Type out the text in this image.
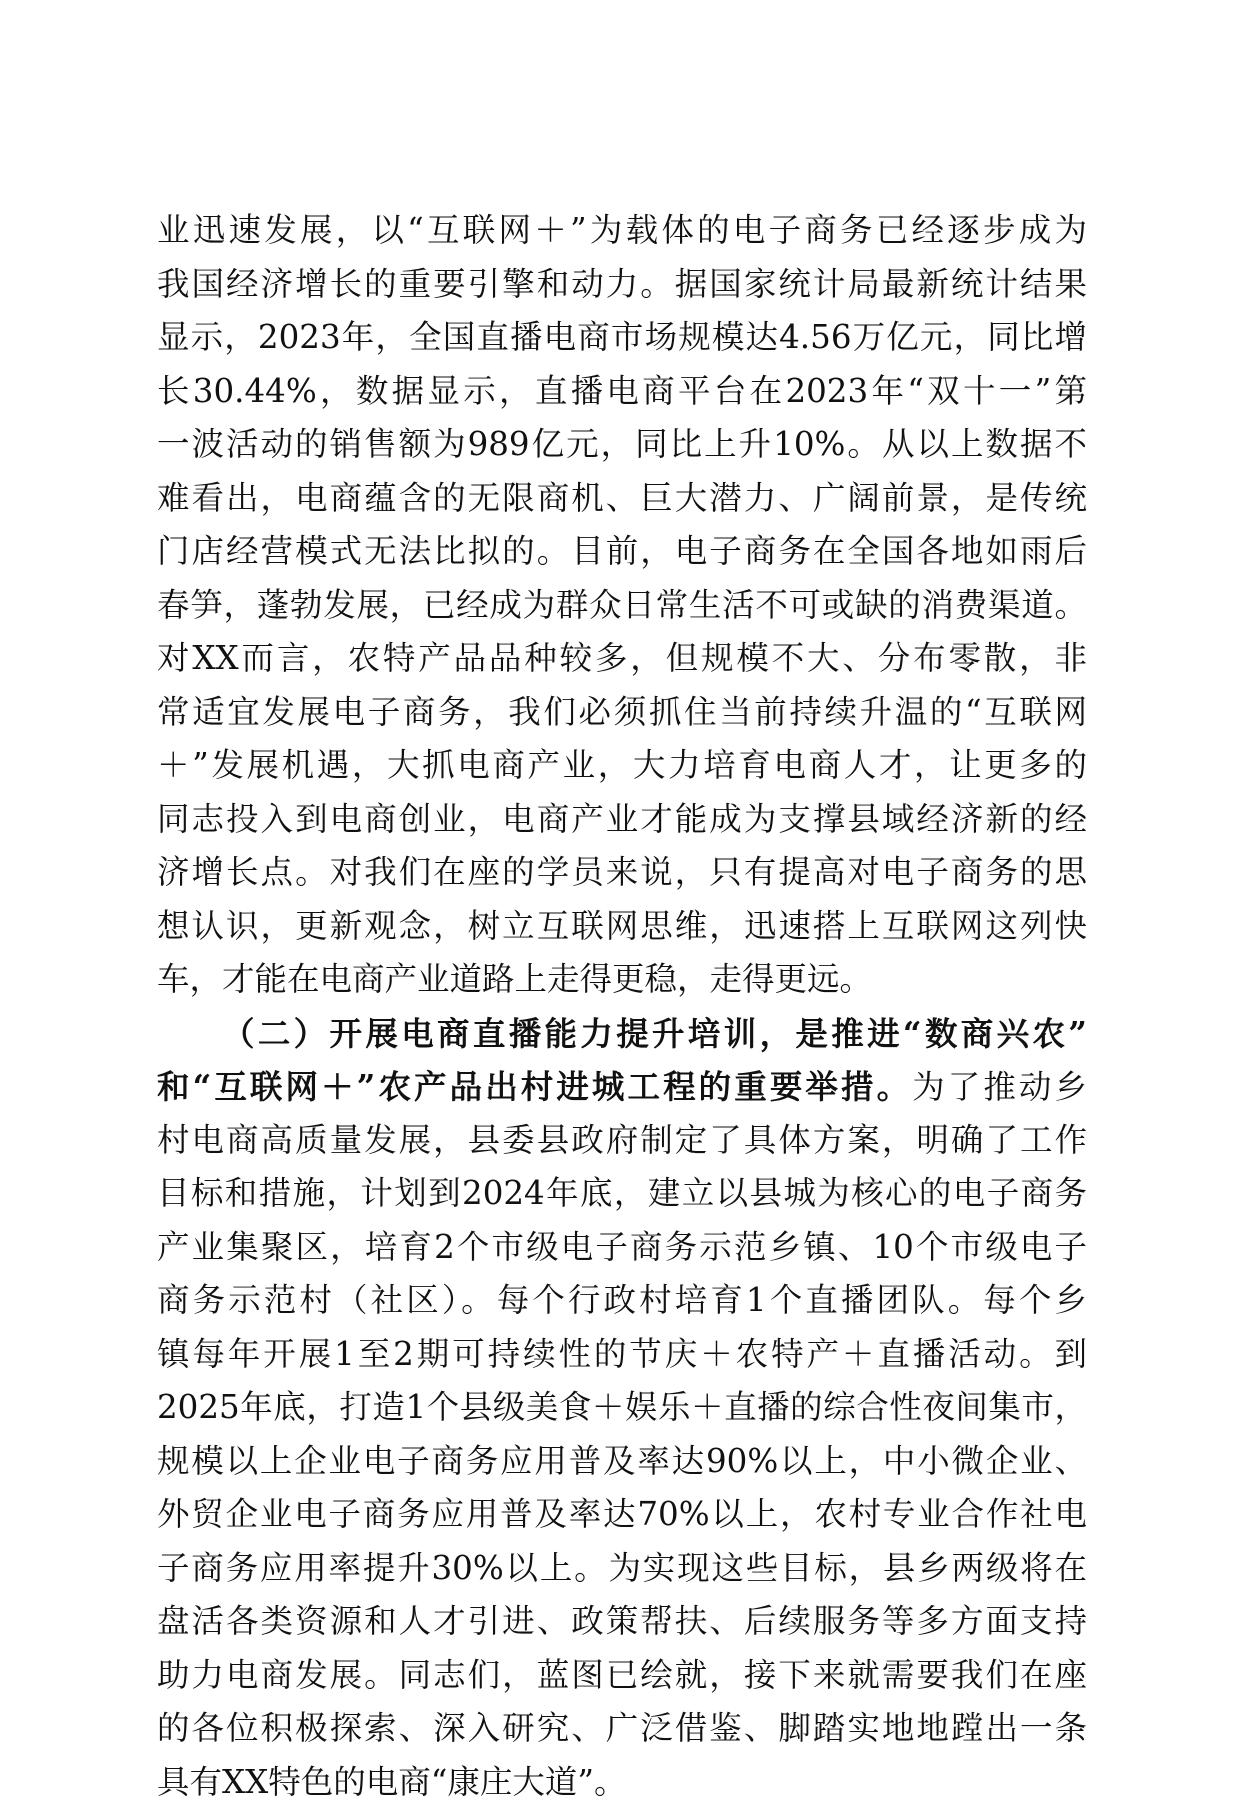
业迅速发展，以“互联网＋”为载体的电子商务已经逐步成为
我国经济增长的重要引擎和动力。据国家统计局最新统计结果
显示，2023年，全国直播电商市场规模达4.56万亿元，同比增
长30.44%，数据显示，直播电商平台在2023年“双十一”第
一波活动的销售额为989亿元，同比上升10%。从以上数据不
难看出，电商蕴含的无限商机、巨大潜力、广阔前景，是传统
门店经营模式无法比拟的。目前，电子商务在全国各地如雨后
春笋，蓬勃发展，已经成为群众日常生活不可或缺的消费渠道。
对XX而言，农特产品品种较多，但规模不大、分布零散，非
常适宜发展电子商务，我们必须抓住当前持续升温的“互联网
＋”发展机遇，大抓电商产业，大力培育电商人才，让更多的
同志投入到电商创业，电商产业才能成为支撑县域经济新的经
济增长点。对我们在座的学员来说，只有提高对电子商务的思
想认识，更新观念，树立互联网思维，迅速搭上互联网这列快
车，才能在电商产业道路上走得更稳，走得更远。
（二）开展电商直播能力提升培训，是推进“数商兴农”
和“互联网＋”农产品出村进城工程的重要举措。为了推动乡
村电商高质量发展，县委县政府制定了具体方案，明确了工作
目标和措施，计划到2024年底，建立以县城为核心的电子商务
产业集聚区，培育2个市级电子商务示范乡镇、10个市级电子
商务示范村（社区）。每个行政村培育1个直播团队。每个乡
镇每年开展1至2期可持续性的节庆＋农特产＋直播活动。到
2025年底，打造1个县级美食＋娱乐＋直播的综合性夜间集市，
规模以上企业电子商务应用普及率达90%以上，中小微企业、
外贸企业电子商务应用普及率达70%以上，农村专业合作社电
子商务应用率提升30%以上。为实现这些目标，县乡两级将在
盘活各类资源和人才引进、政策帮扶、后续服务等多方面支持
助力电商发展。同志们，蓝图已绘就，接下来就需要我们在座
的各位积极探索、深入研究、广泛借鉴、脚踏实地地蹚出一条
具有XX特色的电商“康庄大道”。
